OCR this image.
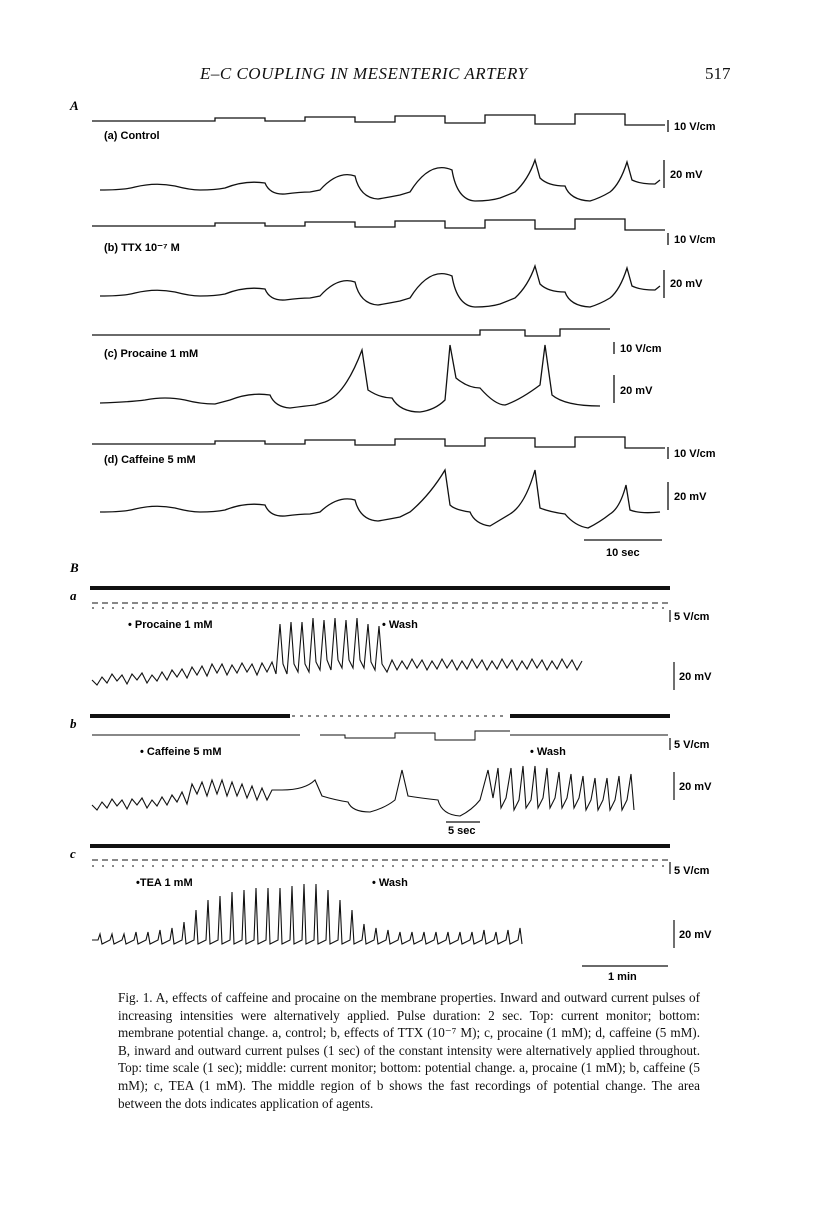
E–C COUPLING IN MESENTERIC ARTERY	517
A
(a) Control
10 V/cm
20 mV
(b) TTX 10⁻⁷ M
10 V/cm
20 mV
(c) Procaine 1 mM	10 V/cm
20 mV
(d) Caffeine 5 mM	10 V/cm
20 mV
10 sec
B
a
• Procaine 1 mM	• Wash
5 V/cm
20 mV
b
• Caffeine 5 mM	• Wash
5 V/cm
20 mV
5 sec
c
•TEA 1 mM	• Wash
5 V/cm
20 mV
1 min
Fig. 1. A, effects of caffeine and procaine on the membrane properties. Inward and outward current pulses of increasing intensities were alternatively applied. Pulse duration: 2 sec. Top: current monitor; bottom: membrane potential change. a, control; b, effects of TTX (10⁻⁷ M); c, procaine (1 mM); d, caffeine (5 mM). B, inward and outward current pulses (1 sec) of the constant intensity were alternatively applied throughout. Top: time scale (1 sec); middle: current monitor; bottom: potential change. a, procaine (1 mM); b, caffeine (5 mM); c, TEA (1 mM). The middle region of b shows the fast recordings of potential change. The area between the dots indicates application of agents.
